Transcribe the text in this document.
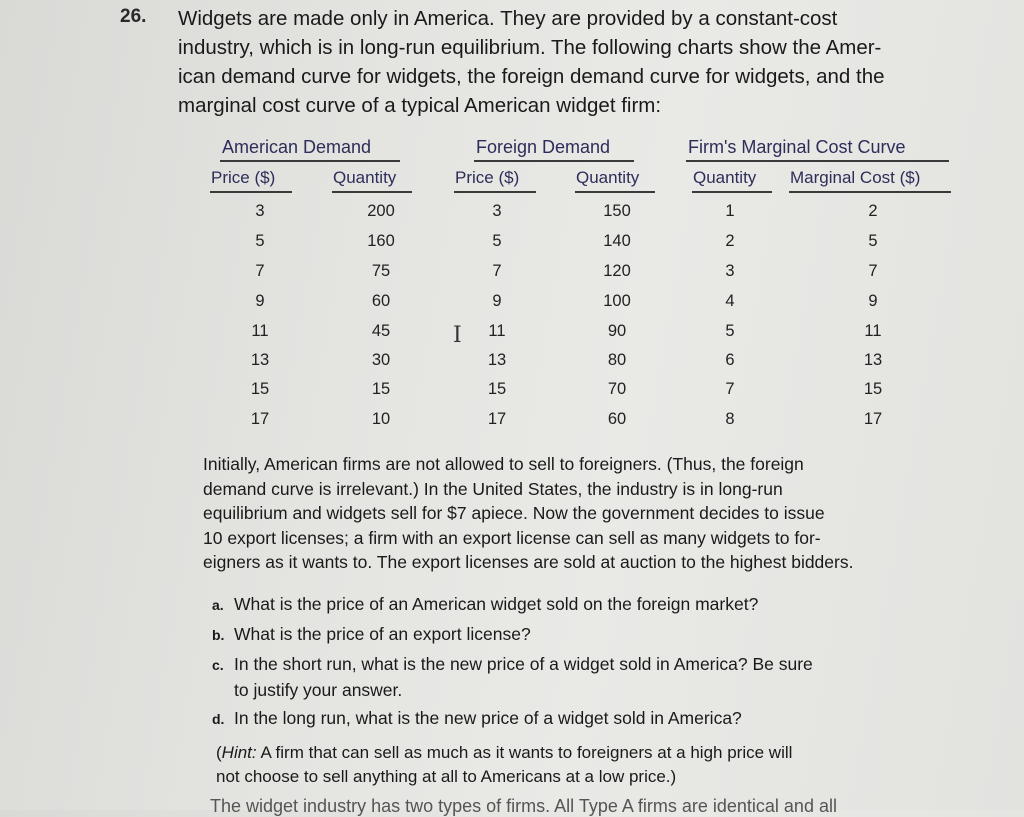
26. Widgets are made only in America. They are provided by a constant-cost
industry, which is in long-run equilibrium. The following charts show the Amer-
ican demand curve for widgets, the foreign demand curve for widgets, and the
marginal cost curve of a typical American widget firm:
American Demand
Price ($)	Quantity
Foreign Demand
Price ($)	Quantity
Firm's Marginal Cost Curve
Quantity Marginal Cost ($)
3
5
7
9
11
13
15
17
200
160
75
60
45
30
15
10
3
5
7
9
11
13
15
17
150
140
120
100
90
80
70
60
1
2
3
4
5
6
7
8
2
5
7
9
11
13
15
17
I
Initially, American firms are not allowed to sell to foreigners. (Thus, the foreign
demand curve is irrelevant.) In the United States, the industry is in long-run
equilibrium and widgets sell for $7 apiece. Now the government decides to issue
10 export licenses; a firm with an export license can sell as many widgets to for-
eigners as it wants to. The export licenses are sold at auction to the highest bidders.
a. What is the price of an American widget sold on the foreign market?
b. What is the price of an export license?
c. In the short run, what is the new price of a widget sold in America? Be sure
to justify your answer.
d. In the long run, what is the new price of a widget sold in America?
(Hint: A firm that can sell as much as it wants to foreigners at a high price will
not choose to sell anything at all to Americans at a low price.)
The widget industry has two types of firms. All Type A firms are identical and all
